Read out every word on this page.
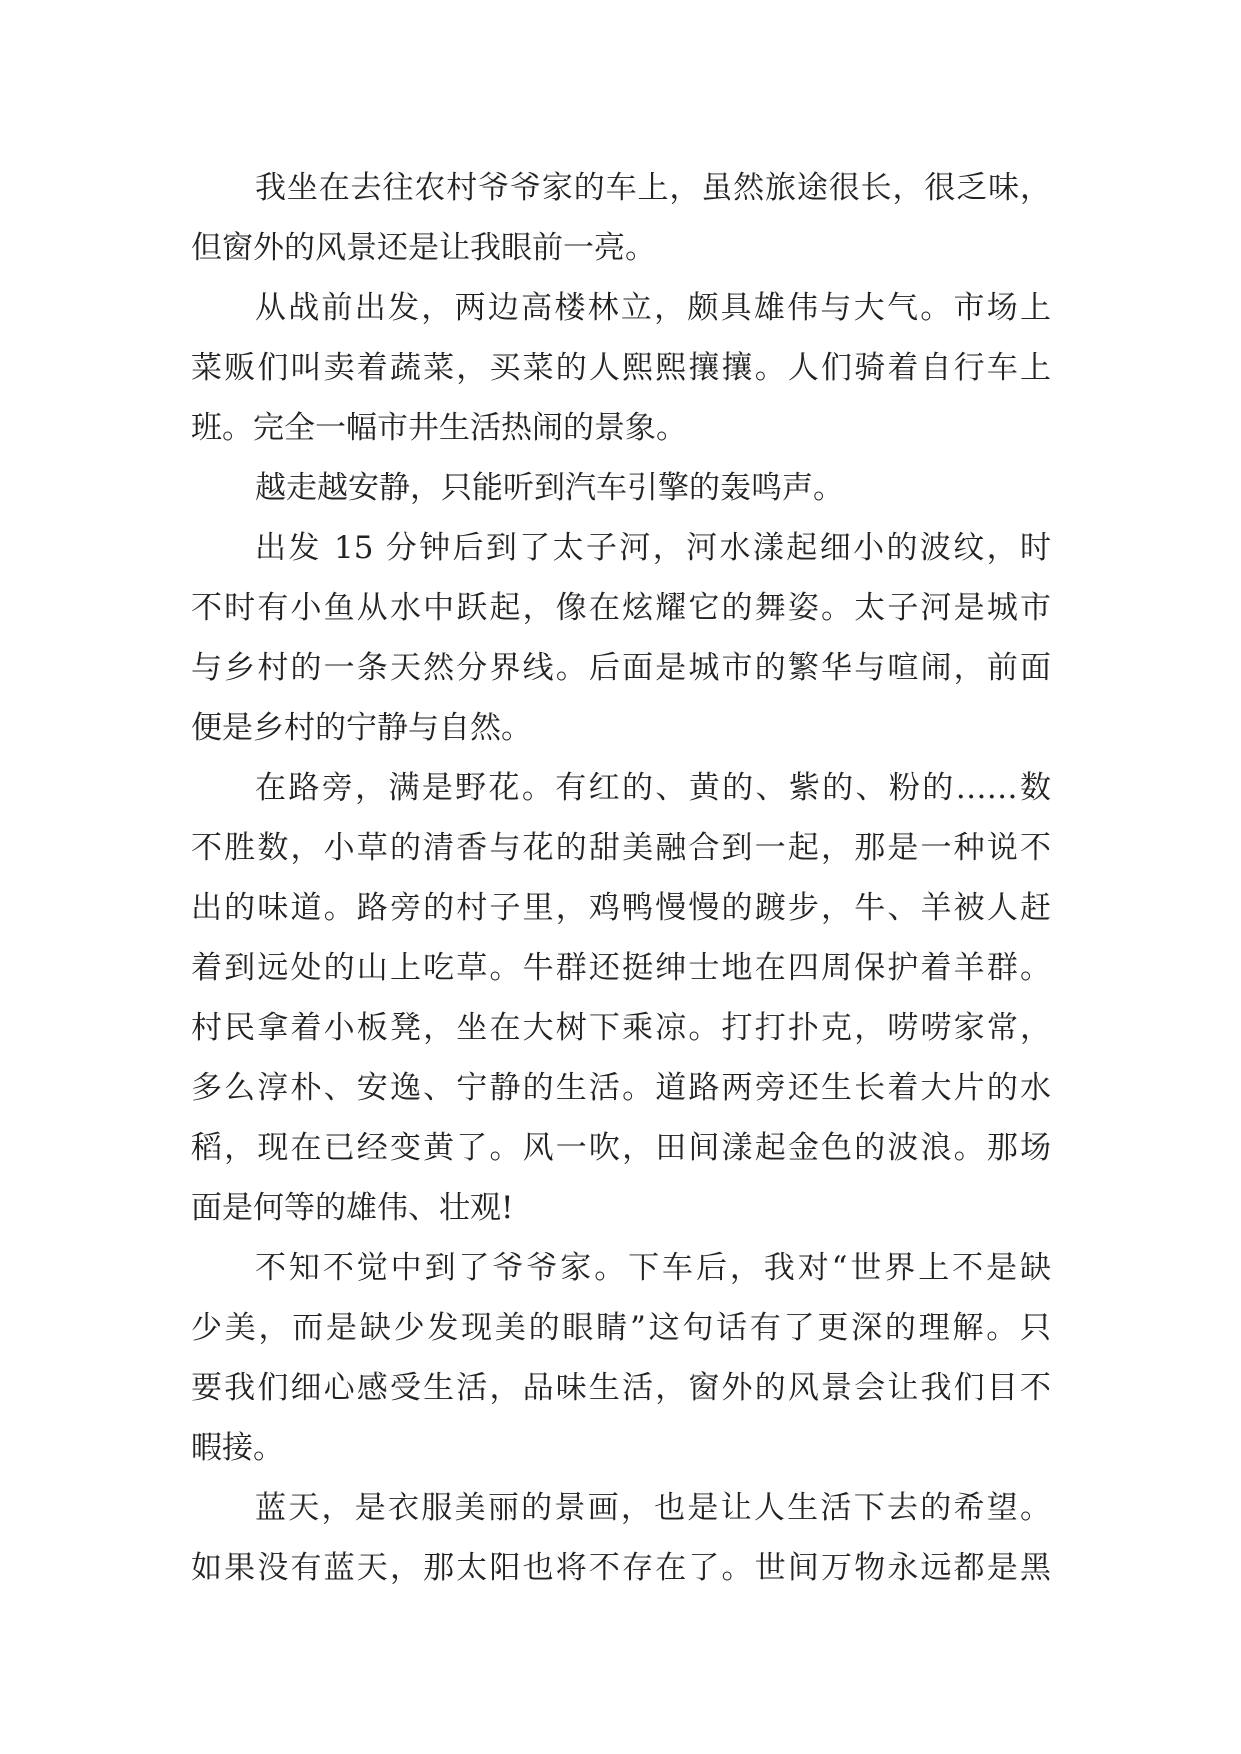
我坐在去往农村爷爷家的车上，虽然旅途很长，很乏味，
但窗外的风景还是让我眼前一亮。
从战前出发，两边高楼林立，颇具雄伟与大气。市场上
菜贩们叫卖着蔬菜，买菜的人熙熙攘攘。人们骑着自行车上
班。完全一幅市井生活热闹的景象。
越走越安静，只能听到汽车引擎的轰鸣声。
出发 15 分钟后到了太子河，河水漾起细小的波纹，时
不时有小鱼从水中跃起，像在炫耀它的舞姿。太子河是城市
与乡村的一条天然分界线。后面是城市的繁华与喧闹，前面
便是乡村的宁静与自然。
在路旁，满是野花。有红的、黄的、紫的、粉的……数
不胜数，小草的清香与花的甜美融合到一起，那是一种说不
出的味道。路旁的村子里，鸡鸭慢慢的踱步，牛、羊被人赶
着到远处的山上吃草。牛群还挺绅士地在四周保护着羊群。
村民拿着小板凳，坐在大树下乘凉。打打扑克，唠唠家常，
多么淳朴、安逸、宁静的生活。道路两旁还生长着大片的水
稻，现在已经变黄了。风一吹，田间漾起金色的波浪。那场
面是何等的雄伟、壮观!
不知不觉中到了爷爷家。下车后，我对“世界上不是缺
少美，而是缺少发现美的眼睛”这句话有了更深的理解。只
要我们细心感受生活，品味生活，窗外的风景会让我们目不
暇接。
蓝天，是衣服美丽的景画，也是让人生活下去的希望。
如果没有蓝天，那太阳也将不存在了。世间万物永远都是黑
